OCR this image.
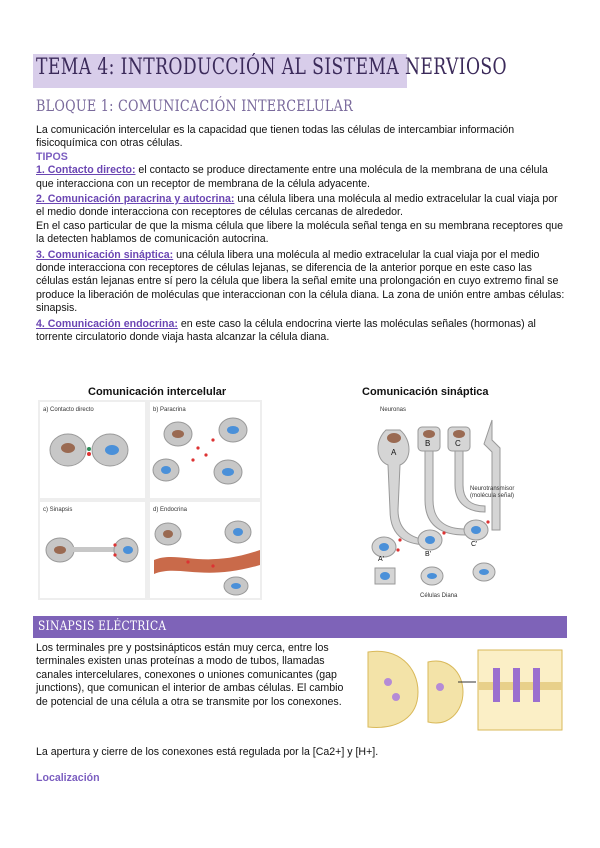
TEMA 4: INTRODUCCIÓN AL SISTEMA NERVIOSO
BLOQUE 1: COMUNICACIÓN INTERCELULAR

La comunicación intercelular es la capacidad que tienen todas las células de intercambiar información fisicoquímica con otras células.

TIPOS

1. Contacto directo: el contacto se produce directamente entre una molécula de la membrana de una célula que interacciona con un receptor de membrana de la célula adyacente.

2. Comunicación paracrina y autocrina: una célula libera una molécula al medio extracelular la cual viaja por el medio donde interacciona con receptores de células cercanas de alrededor.

En el caso particular de que la misma célula que libere la molécula señal tenga en su membrana receptores que la detecten hablamos de comunicación autocrina.

3. Comunicación sináptica: una célula libera una molécula al medio extracelular la cual viaja por el medio donde interacciona con receptores de células lejanas, se diferencia de la anterior porque en este caso las células están lejanas entre sí pero la célula que libera la señal emite una prolongación en cuyo extremo final se produce la liberación de moléculas que interaccionan con la célula diana. La zona de unión entre ambas células: sinapsis.

4. Comunicación endocrina: en este caso la célula endocrina vierte las moléculas señales (hormonas) al torrente circulatorio donde viaja hasta alcanzar la célula diana.

Comunicación intercelular	Comunicación sináptica
a) Contacto directo	b) Paracrina
c) Sinapsis	d) Endocrina
Neuronas
A
B	C
A'
B'
C'
Células Diana
Neurotransmisor (molécula señal)
SINAPSIS ELÉCTRICA
Los terminales pre y postsinápticos están muy cerca, entre los terminales existen unas proteínas a modo de tubos, llamadas canales intercelulares, conexones o uniones comunicantes (gap junctions), que comunican el interior de ambas células. El cambio de potencial de una célula a otra se transmite por los conexones.
La apertura y cierre de los conexones está regulada por la [Ca2+] y [H+].
Localización
